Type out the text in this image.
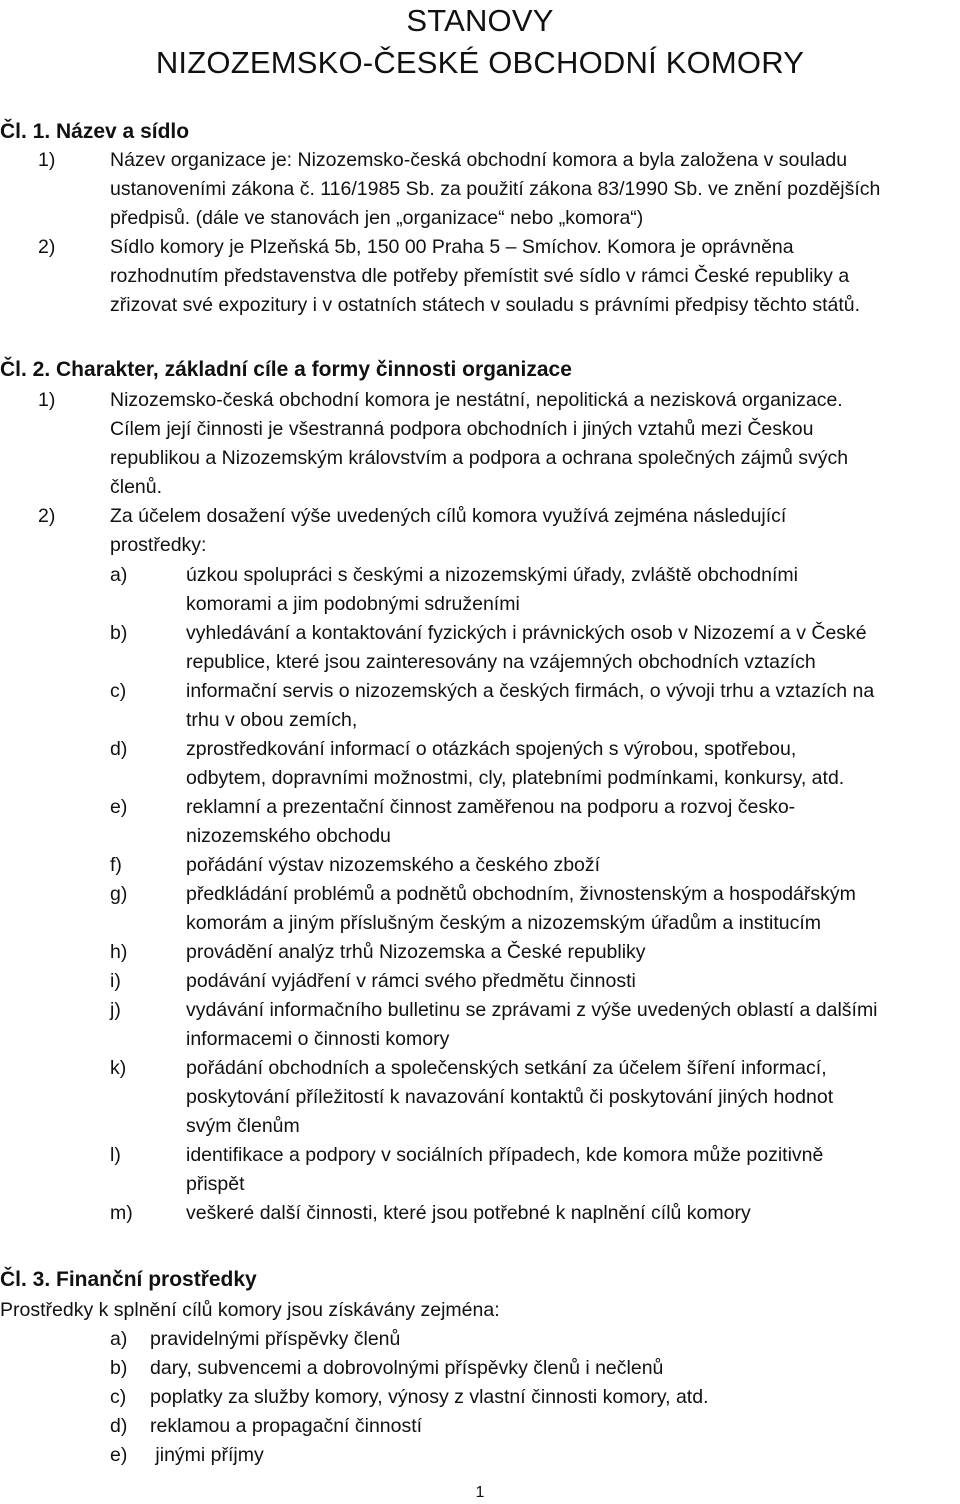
STANOVY
NIZOZEMSKO-ČESKÉ OBCHODNÍ KOMORY
Čl. 1. Název a sídlo
1)	Název organizace je: Nizozemsko-česká obchodní komora a byla založena v souladu
ustanoveními zákona č. 116/1985 Sb. za použití zákona 83/1990 Sb. ve znění pozdějších
předpisů. (dále ve stanovách jen „organizace“ nebo „komora“)
2)	Sídlo komory je Plzeňská 5b, 150 00 Praha 5 – Smíchov. Komora je oprávněna
rozhodnutím představenstva dle potřeby přemístit své sídlo v rámci České republiky a
zřizovat své expozitury i v ostatních státech v souladu s právními předpisy těchto států.
Čl. 2. Charakter, základní cíle a formy činnosti organizace
1)	Nizozemsko-česká obchodní komora je nestátní, nepolitická a nezisková organizace.
Cílem její činnosti je všestranná podpora obchodních i jiných vztahů mezi Českou
republikou a Nizozemským královstvím a podpora a ochrana společných zájmů svých
členů.
2)	Za účelem dosažení výše uvedených cílů komora využívá zejména následující
prostředky:
a)	úzkou spolupráci s českými a nizozemskými úřady, zvláště obchodními
komorami a jim podobnými sdruženími
b)	vyhledávání a kontaktování fyzických i právnických osob v Nizozemí a v České
republice, které jsou zainteresovány na vzájemných obchodních vztazích
c)	informační servis o nizozemských a českých firmách, o vývoji trhu a vztazích na
trhu v obou zemích,
d)	zprostředkování informací o otázkách spojených s výrobou, spotřebou,
odbytem, dopravními možnostmi, cly, platebními podmínkami, konkursy, atd.
e)	reklamní a prezentační činnost zaměřenou na podporu a rozvoj česko-
nizozemského obchodu
f)	pořádání výstav nizozemského a českého zboží
g)	předkládání problémů a podnětů obchodním, živnostenským a hospodářským
komorám a jiným příslušným českým a nizozemským úřadům a institucím
h)	provádění analýz trhů Nizozemska a České republiky
i)	podávání vyjádření v rámci svého předmětu činnosti
j)	vydávání informačního bulletinu se zprávami z výše uvedených oblastí a dalšími
informacemi o činnosti komory
k)	pořádání obchodních a společenských setkání za účelem šíření informací,
poskytování příležitostí k navazování kontaktů či poskytování jiných hodnot
svým členům
l)	identifikace a podpory v sociálních případech, kde komora může pozitivně
přispět
m)	veškeré další činnosti, které jsou potřebné k naplnění cílů komory
Čl. 3. Finanční prostředky
Prostředky k splnění cílů komory jsou získávány zejména:
a) pravidelnými příspěvky členů
b) dary, subvencemi a dobrovolnými příspěvky členů i nečlenů
c) poplatky za služby komory, výnosy z vlastní činnosti komory, atd.
d) reklamou a propagační činností
e) jinými příjmy
1
